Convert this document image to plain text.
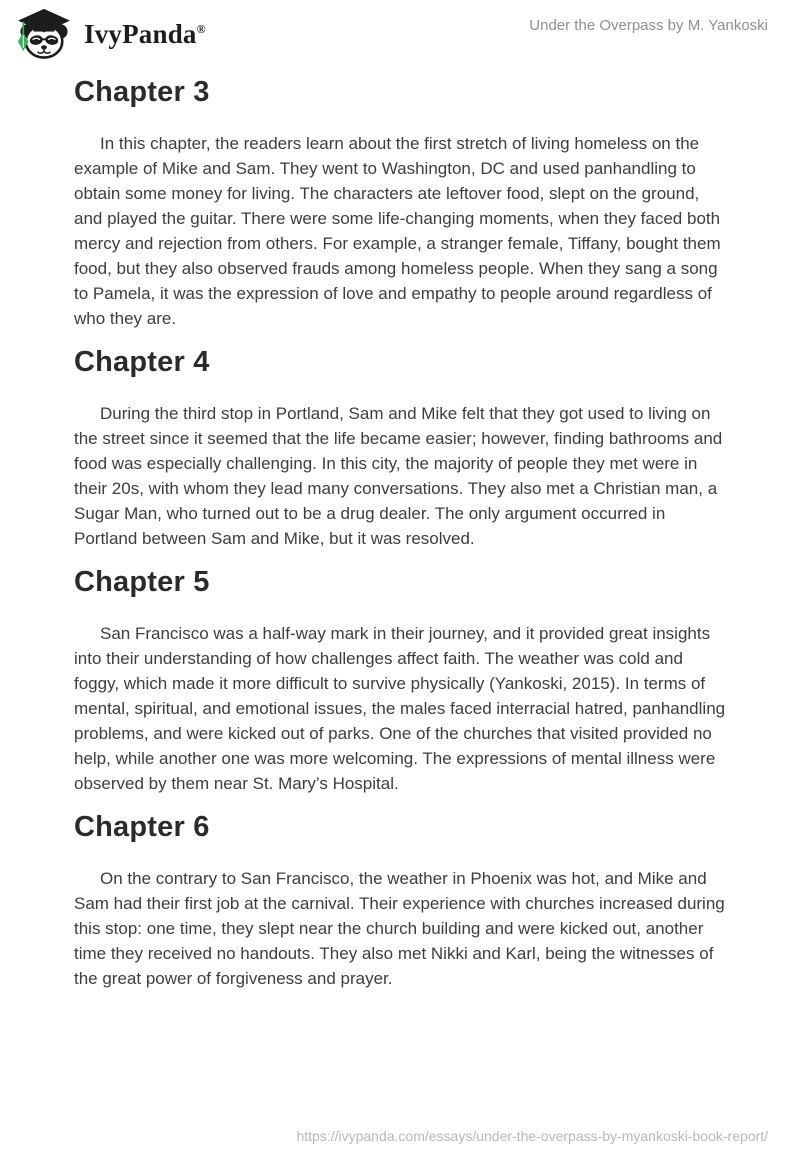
IvyPanda®	Under the Overpass by M. Yankoski
Chapter 3

In this chapter, the readers learn about the first stretch of living homeless on the example of Mike and Sam. They went to Washington, DC and used panhandling to obtain some money for living. The characters ate leftover food, slept on the ground, and played the guitar. There were some life-changing moments, when they faced both mercy and rejection from others. For example, a stranger female, Tiffany, bought them food, but they also observed frauds among homeless people. When they sang a song to Pamela, it was the expression of love and empathy to people around regardless of who they are.

Chapter 4

During the third stop in Portland, Sam and Mike felt that they got used to living on the street since it seemed that the life became easier; however, finding bathrooms and food was especially challenging. In this city, the majority of people they met were in their 20s, with whom they lead many conversations. They also met a Christian man, a Sugar Man, who turned out to be a drug dealer. The only argument occurred in Portland between Sam and Mike, but it was resolved.

Chapter 5

San Francisco was a half-way mark in their journey, and it provided great insights into their understanding of how challenges affect faith. The weather was cold and foggy, which made it more difficult to survive physically (Yankoski, 2015). In terms of mental, spiritual, and emotional issues, the males faced interracial hatred, panhandling problems, and were kicked out of parks. One of the churches that visited provided no help, while another one was more welcoming. The expressions of mental illness were observed by them near St. Mary’s Hospital.

Chapter 6

On the contrary to San Francisco, the weather in Phoenix was hot, and Mike and Sam had their first job at the carnival. Their experience with churches increased during this stop: one time, they slept near the church building and were kicked out, another time they received no handouts. They also met Nikki and Karl, being the witnesses of the great power of forgiveness and prayer.

https://ivypanda.com/essays/under-the-overpass-by-myankoski-book-report/
